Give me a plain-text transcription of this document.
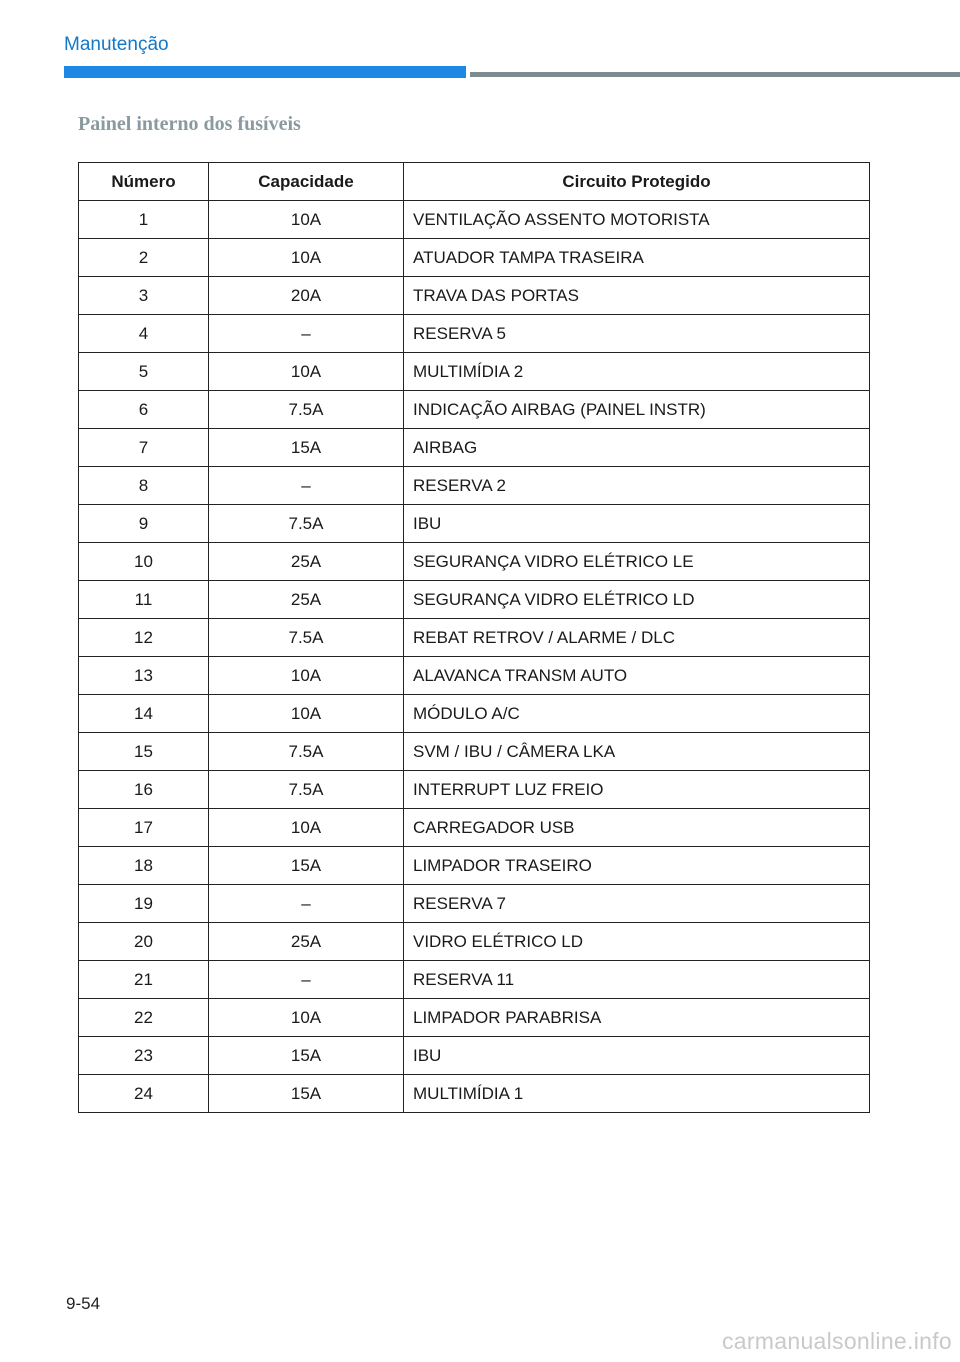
Manutenção
Painel interno dos fusíveis
Número	Capacidade	Circuito Protegido
1	10A	VENTILAÇÃO ASSENTO MOTORISTA
2	10A	ATUADOR TAMPA TRASEIRA
3	20A	TRAVA DAS PORTAS
4	–	RESERVA 5
5	10A	MULTIMÍDIA 2
6	7.5A	INDICAÇÃO AIRBAG (PAINEL INSTR)
7	15A	AIRBAG
8	–	RESERVA 2
9	7.5A	IBU
10	25A	SEGURANÇA VIDRO ELÉTRICO LE
11	25A	SEGURANÇA VIDRO ELÉTRICO LD
12	7.5A	REBAT RETROV / ALARME / DLC
13	10A	ALAVANCA TRANSM AUTO
14	10A	MÓDULO A/C
15	7.5A	SVM / IBU / CÂMERA LKA
16	7.5A	INTERRUPT LUZ FREIO
17	10A	CARREGADOR USB
18	15A	LIMPADOR TRASEIRO
19	–	RESERVA 7
20	25A	VIDRO ELÉTRICO LD
21	–	RESERVA 11
22	10A	LIMPADOR PARABRISA
23	15A	IBU
24	15A	MULTIMÍDIA 1
9-54
carmanualsonline.info
